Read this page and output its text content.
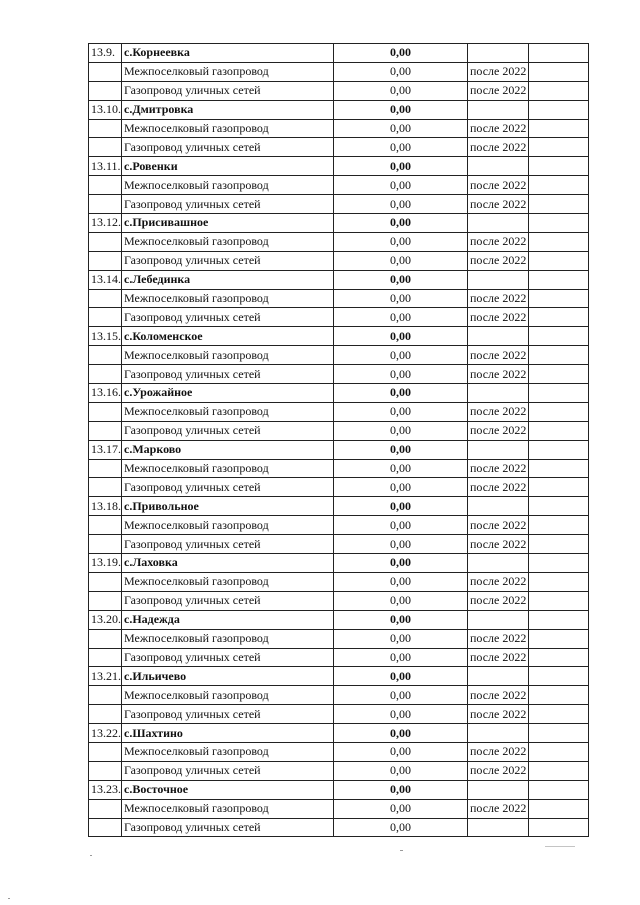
13.9.	с.Корнеевка	0,00		
	Межпоселковый газопровод	0,00	после 2022	
	Газопровод уличных сетей	0,00	после 2022	
13.10.	с.Дмитровка	0,00		
	Межпоселковый газопровод	0,00	после 2022	
	Газопровод уличных сетей	0,00	после 2022	
13.11.	с.Ровенки	0,00		
	Межпоселковый газопровод	0,00	после 2022	
	Газопровод уличных сетей	0,00	после 2022	
13.12.	с.Присивашное	0,00		
	Межпоселковый газопровод	0,00	после 2022	
	Газопровод уличных сетей	0,00	после 2022	
13.14.	с.Лебединка	0,00		
	Межпоселковый газопровод	0,00	после 2022	
	Газопровод уличных сетей	0,00	после 2022	
13.15.	с.Коломенское	0,00		
	Межпоселковый газопровод	0,00	после 2022	
	Газопровод уличных сетей	0,00	после 2022	
13.16.	с.Урожайное	0,00		
	Межпоселковый газопровод	0,00	после 2022	
	Газопровод уличных сетей	0,00	после 2022	
13.17.	с.Марково	0,00		
	Межпоселковый газопровод	0,00	после 2022	
	Газопровод уличных сетей	0,00	после 2022	
13.18.	с.Привольное	0,00		
	Межпоселковый газопровод	0,00	после 2022	
	Газопровод уличных сетей	0,00	после 2022	
13.19.	с.Лаховка	0,00		
	Межпоселковый газопровод	0,00	после 2022	
	Газопровод уличных сетей	0,00	после 2022	
13.20.	с.Надежда	0,00		
	Межпоселковый газопровод	0,00	после 2022	
	Газопровод уличных сетей	0,00	после 2022	
13.21.	с.Ильичево	0,00		
	Межпоселковый газопровод	0,00	после 2022	
	Газопровод уличных сетей	0,00	после 2022	
13.22.	с.Шахтино	0,00		
	Межпоселковый газопровод	0,00	после 2022	
	Газопровод уличных сетей	0,00	после 2022	
13.23.	с.Восточное	0,00		
	Межпоселковый газопровод	0,00	после 2022	
	Газопровод уличных сетей	0,00		
